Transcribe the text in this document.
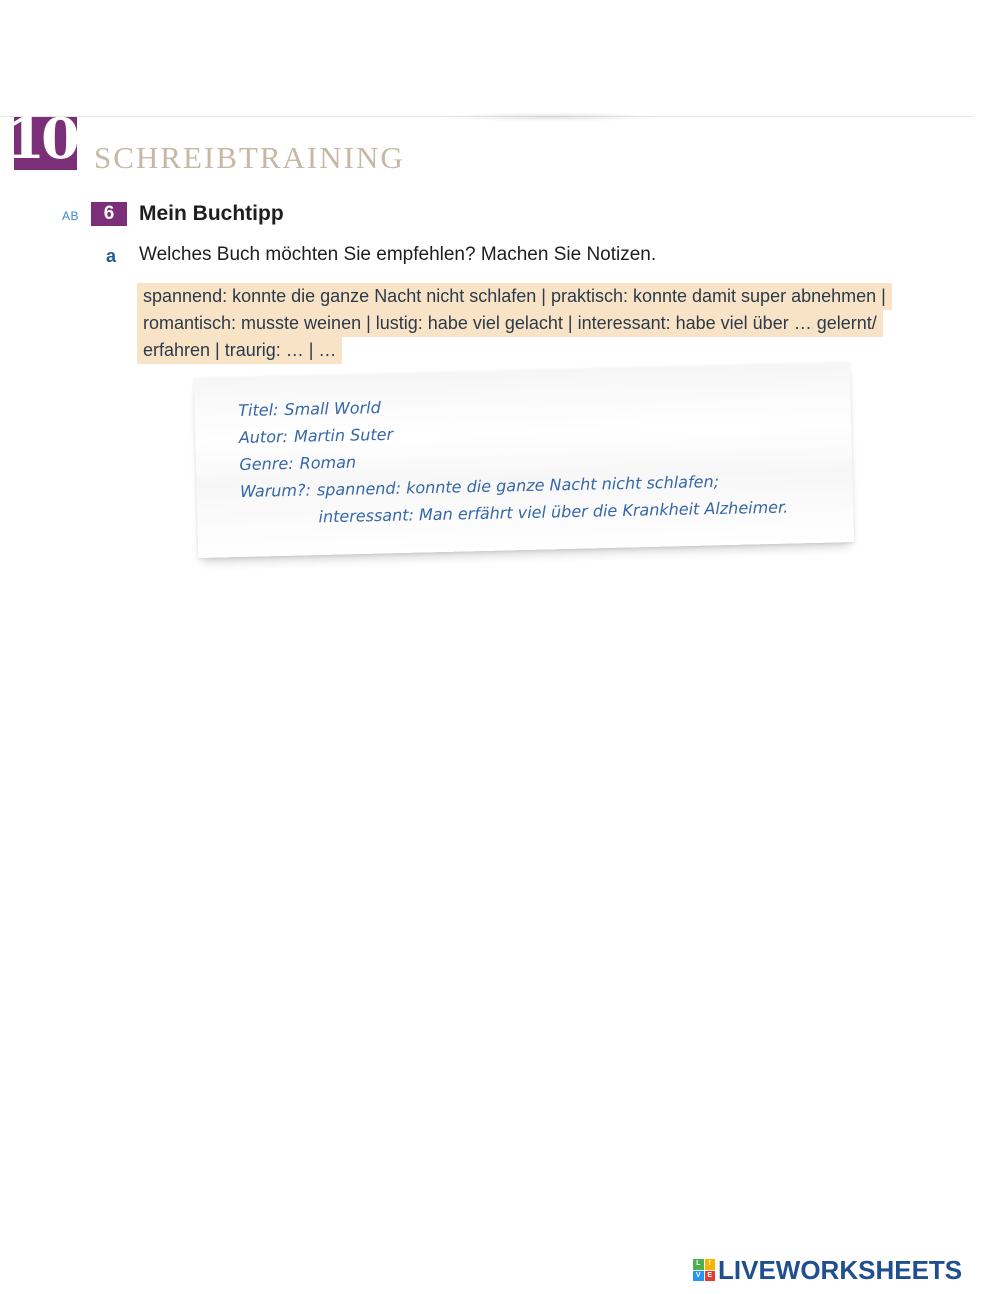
10 SCHREIBTRAINING
AB	6	Mein Buchtipp
a Welches Buch möchten Sie empfehlen? Machen Sie Notizen.
spannend: konnte die ganze Nacht nicht schlafen | praktisch: konnte damit super abnehmen |
romantisch: musste weinen | lustig: habe viel gelacht | interessant: habe viel über … gelernt/
erfahren | traurig: … | …
Titel: Small World
Autor: Martin Suter
Genre: Roman
Warum?: spannend: konnte die ganze Nacht nicht schlafen;
interessant: Man erfährt viel über die Krankheit Alzheimer.
L	I
V E LIVEWORKSHEETS
